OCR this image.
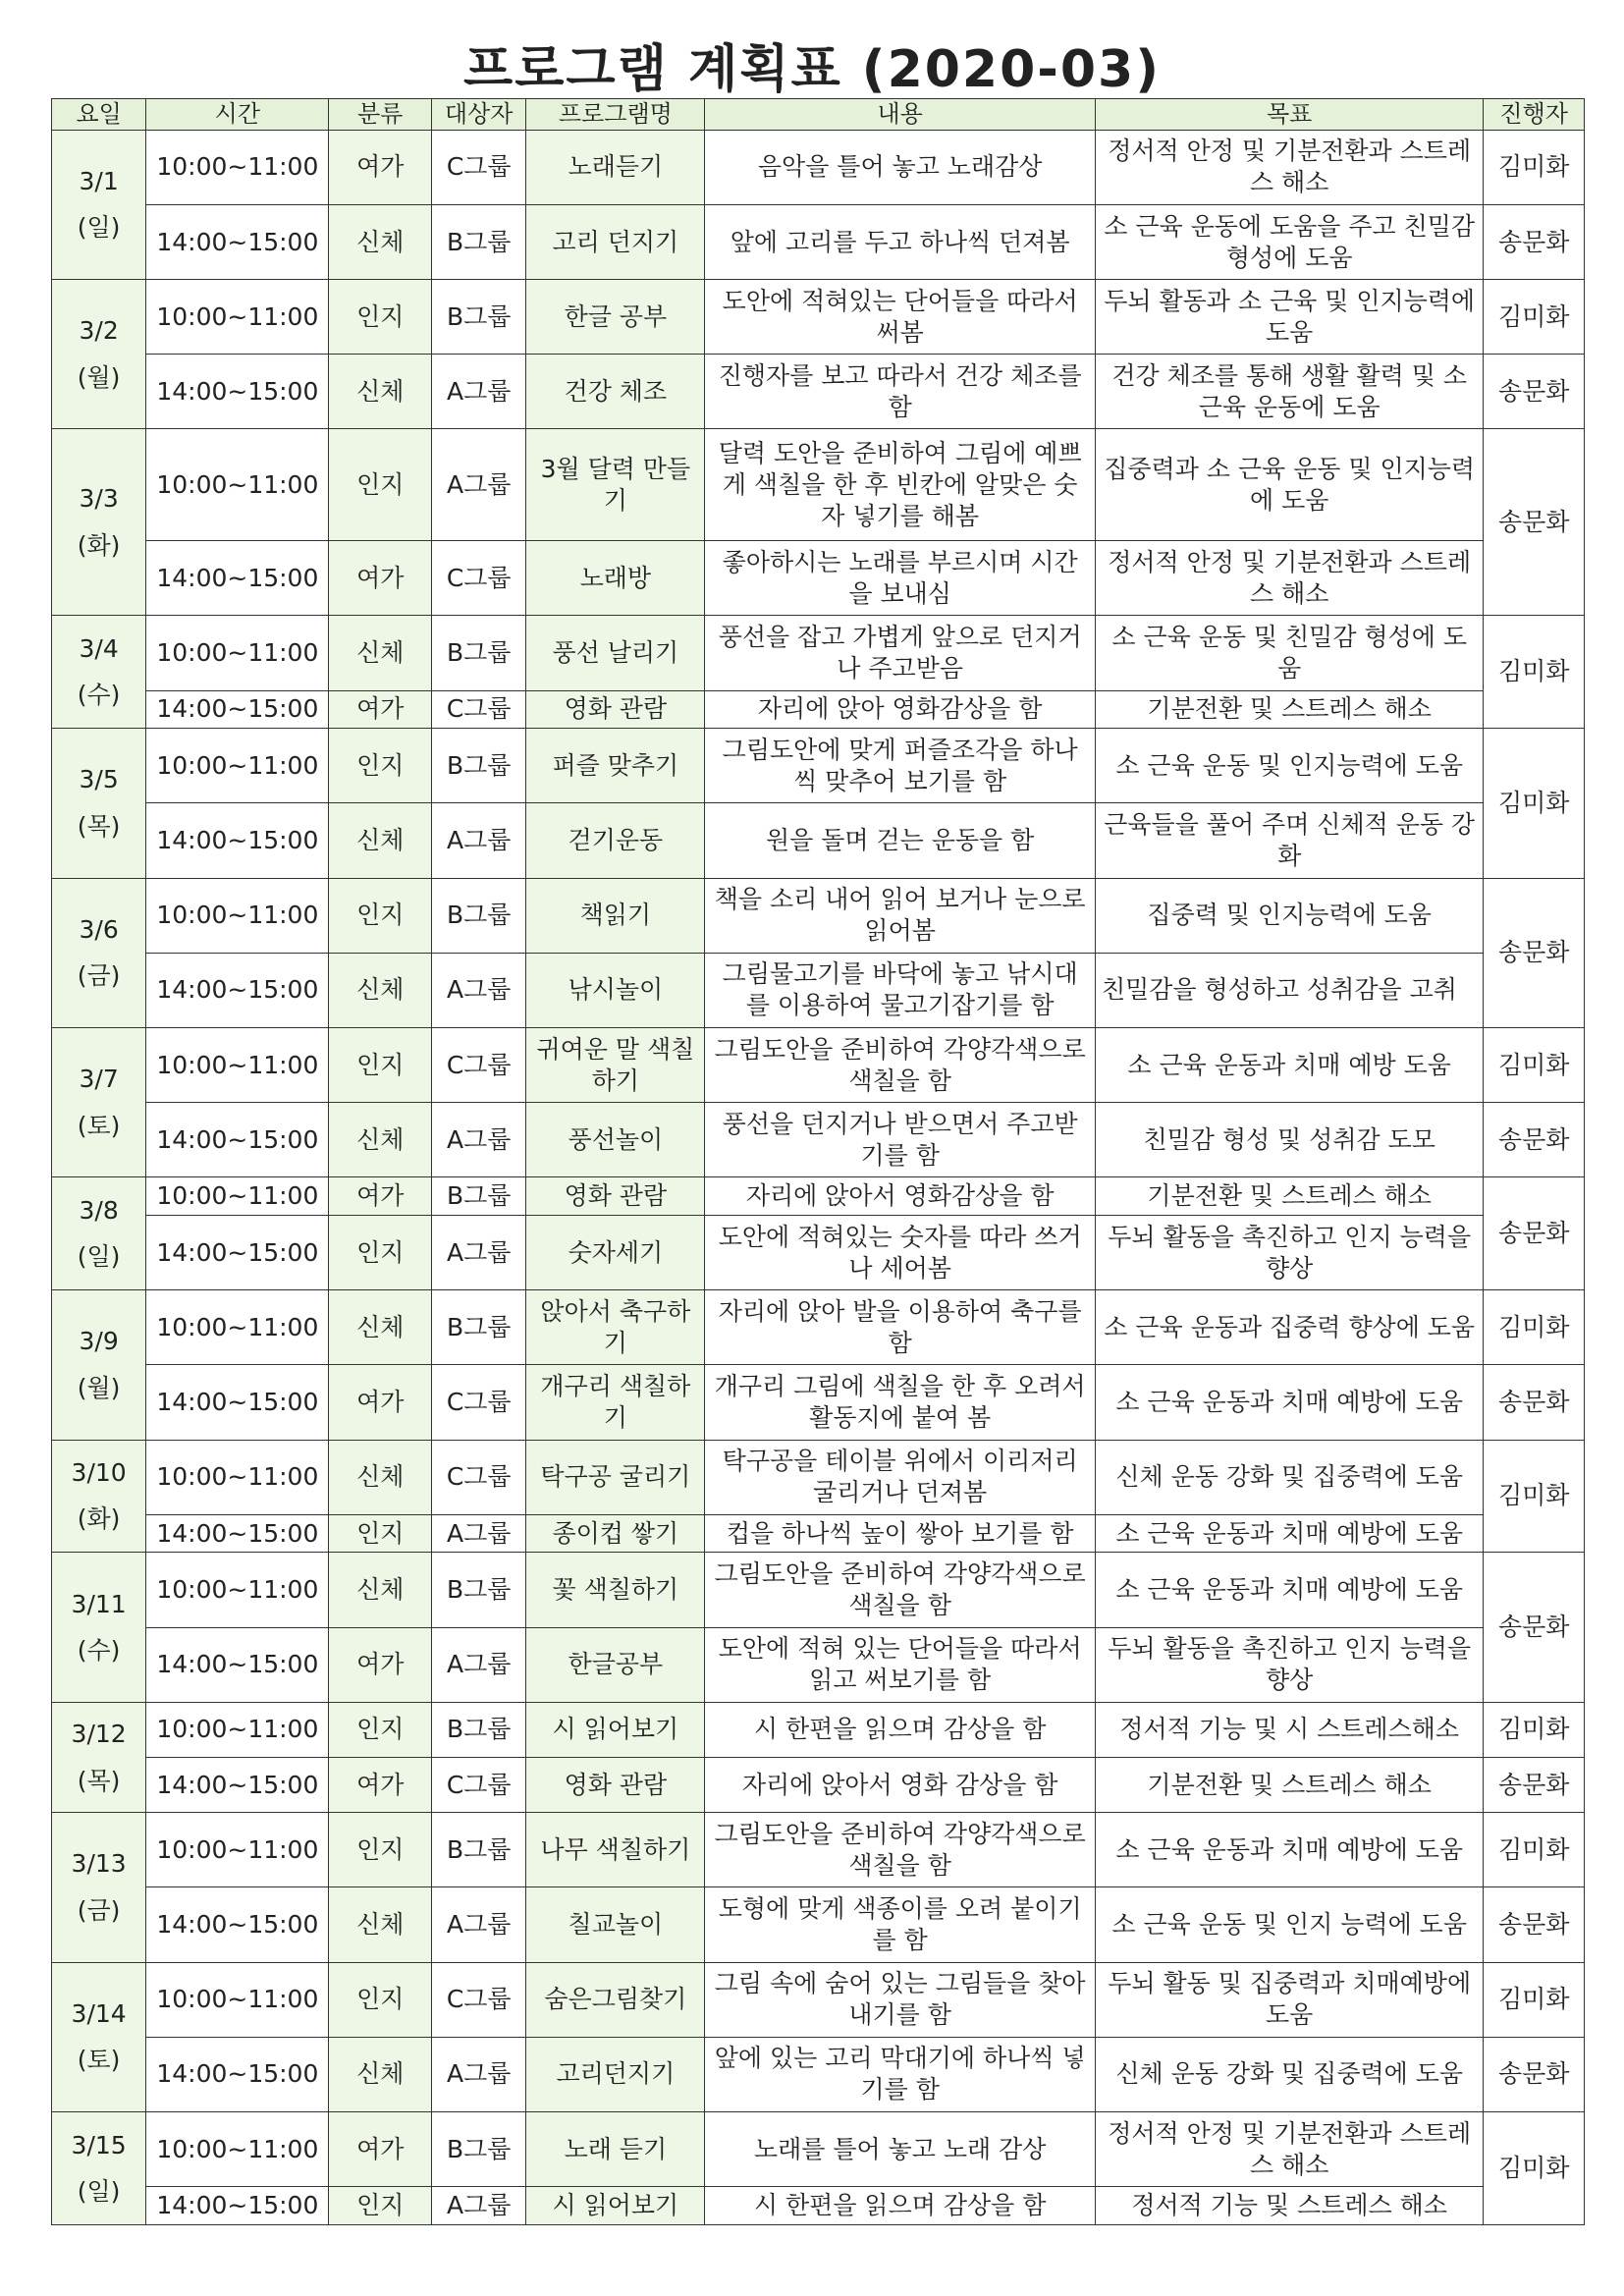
프로그램 계획표 (2020-03)
요일	시간	분류	대상자	프로그램명	내용	목표	진행자

3/1
(일)	10:00~11:00	여가	C그룹	노래듣기	음악을 틀어 놓고 노래감상	정서적 안정 및 기분전환과 스트레스 해소	김미화
	14:00~15:00	신체	B그룹	고리 던지기	앞에 고리를 두고 하나씩 던져봄	소 근육 운동에 도움을 주고 친밀감 형성에 도움	송문화

3/2
(월)	10:00~11:00	인지	B그룹	한글 공부	도안에 적혀있는 단어들을 따라서 써봄	두뇌 활동과 소 근육 및 인지능력에 도움	김미화
	14:00~15:00	신체	A그룹	건강 체조	진행자를 보고 따라서 건강 체조를 함	건강 체조를 통해 생활 활력 및 소 근육 운동에 도움	송문화

3/3
(화)	10:00~11:00	인지	A그룹	3월 달력 만들기	달력 도안을 준비하여 그림에 예쁘게 색칠을 한 후 빈칸에 알맞은 숫자 넣기를 해봄	집중력과 소 근육 운동 및 인지능력에 도움	송문화
	14:00~15:00	여가	C그룹	노래방	좋아하시는 노래를 부르시며 시간을 보내심	정서적 안정 및 기분전환과 스트레스 해소	

3/4
(수)	10:00~11:00	신체	B그룹	풍선 날리기	풍선을 잡고 가볍게 앞으로 던지거나 주고받음	소 근육 운동 및 친밀감 형성에 도움	김미화
	14:00~15:00	여가	C그룹	영화 관람	자리에 앉아 영화감상을 함	기분전환 및 스트레스 해소	

3/5
(목)	10:00~11:00	인지	B그룹	퍼즐 맞추기	그림도안에 맞게 퍼즐조각을 하나씩 맞추어 보기를 함	소 근육 운동 및 인지능력에 도움	김미화
	14:00~15:00	신체	A그룹	걷기운동	원을 돌며 걷는 운동을 함	근육들을 풀어 주며 신체적 운동 강화	

3/6
(금)	10:00~11:00	인지	B그룹	책읽기	책을 소리 내어 읽어 보거나 눈으로 읽어봄	집중력 및 인지능력에 도움	송문화
	14:00~15:00	신체	A그룹	낚시놀이	그림물고기를 바닥에 놓고 낚시대를 이용하여 물고기잡기를 함	친밀감을 형성하고 성취감을 고취	

3/7
(토)	10:00~11:00	인지	C그룹	귀여운 말 색칠하기	그림도안을 준비하여 각양각색으로 색칠을 함	소 근육 운동과 치매 예방 도움	김미화
	14:00~15:00	신체	A그룹	풍선놀이	풍선을 던지거나 받으면서 주고받기를 함	친밀감 형성 및 성취감 도모	송문화

3/8
(일)	10:00~11:00	여가	B그룹	영화 관람	자리에 앉아서 영화감상을 함	기분전환 및 스트레스 해소	송문화
	14:00~15:00	인지	A그룹	숫자세기	도안에 적혀있는 숫자를 따라 쓰거나 세어봄	두뇌 활동을 촉진하고 인지 능력을 향상	

3/9
(월)	10:00~11:00	신체	B그룹	앉아서 축구하기	자리에 앉아 발을 이용하여 축구를 함	소 근육 운동과 집중력 향상에 도움	김미화
	14:00~15:00	여가	C그룹	개구리 색칠하기	개구리 그림에 색칠을 한 후 오려서 활동지에 붙여 봄	소 근육 운동과 치매 예방에 도움	송문화

3/10
(화)	10:00~11:00	신체	C그룹	탁구공 굴리기	탁구공을 테이블 위에서 이리저리 굴리거나 던져봄	신체 운동 강화 및 집중력에 도움	김미화
	14:00~15:00	인지	A그룹	종이컵 쌓기	컵을 하나씩 높이 쌓아 보기를 함	소 근육 운동과 치매 예방에 도움	

3/11
(수)	10:00~11:00	신체	B그룹	꽃 색칠하기	그림도안을 준비하여 각양각색으로 색칠을 함	소 근육 운동과 치매 예방에 도움	송문화
	14:00~15:00	여가	A그룹	한글공부	도안에 적혀 있는 단어들을 따라서 읽고 써보기를 함	두뇌 활동을 촉진하고 인지 능력을 향상	

3/12
(목)	10:00~11:00	인지	B그룹	시 읽어보기	시 한편을 읽으며 감상을 함	정서적 기능 및 시 스트레스해소	김미화
	14:00~15:00	여가	C그룹	영화 관람	자리에 앉아서 영화 감상을 함	기분전환 및 스트레스 해소	송문화

3/13
(금)	10:00~11:00	인지	B그룹	나무 색칠하기	그림도안을 준비하여 각양각색으로 색칠을 함	소 근육 운동과 치매 예방에 도움	김미화
	14:00~15:00	신체	A그룹	칠교놀이	도형에 맞게 색종이를 오려 붙이기를 함	소 근육 운동 및 인지 능력에 도움	송문화

3/14
(토)	10:00~11:00	인지	C그룹	숨은그림찾기	그림 속에 숨어 있는 그림들을 찾아내기를 함	두뇌 활동 및 집중력과 치매예방에 도움	김미화
	14:00~15:00	신체	A그룹	고리던지기	앞에 있는 고리 막대기에 하나씩 넣기를 함	신체 운동 강화 및 집중력에 도움	송문화

3/15
(일)	10:00~11:00	여가	B그룹	노래 듣기	노래를 틀어 놓고 노래 감상	정서적 안정 및 기분전환과 스트레스 해소	김미화
	14:00~15:00	인지	A그룹	시 읽어보기	시 한편을 읽으며 감상을 함	정서적 기능 및 스트레스 해소	
